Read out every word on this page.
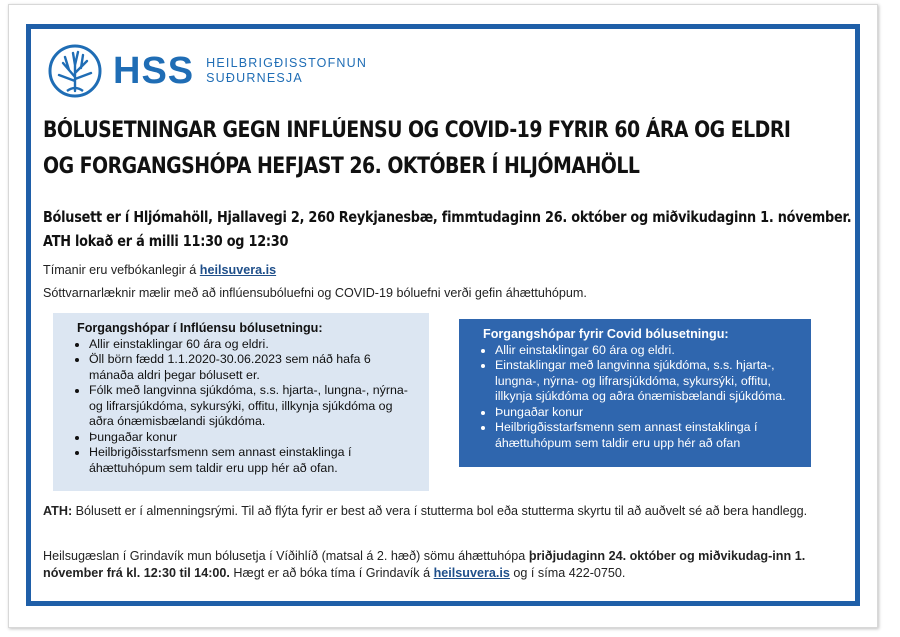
HSS HEILBRIGÐISSTOFNUN
SUÐURNESJA
BÓLUSETNINGAR GEGN INFLÚENSU OG COVID-19 FYRIR 60 ÁRA OG ELDRI
OG FORGANGSHÓPA HEFJAST 26. OKTÓBER Í HLJÓMAHÖLL
Bólusett er í Hljómahöll, Hjallavegi 2, 260 Reykjanesbæ, fimmtudaginn 26. október og miðvikudaginn 1. nóvember.
ATH lokað er á milli 11:30 og 12:30
Tímanir eru vefbókanlegir á heilsuvera.is
Sóttvarnarlæknir mælir með að inflúensubóluefni og COVID-19 bóluefni verði gefin áhættuhópum.
Forgangshópar í Inflúensu bólusetningu:
• Allir einstaklingar 60 ára og eldri.
• Öll börn fædd 1.1.2020-30.06.2023 sem náð hafa 6 mánaða aldri þegar bólusett er.
• Fólk með langvinna sjúkdóma, s.s. hjarta-, lungna-, nýrna- og lifrarsjúkdóma, sykursýki, offitu, illkynja sjúkdóma og aðra ónæmisbælandi sjúkdóma.
• Þungaðar konur
• Heilbrigðisstarfsmenn sem annast einstaklinga í áhættuhópum sem taldir eru upp hér að ofan.
Forgangshópar fyrir Covid bólusetningu:
• Allir einstaklingar 60 ára og eldri.
• Einstaklingar með langvinna sjúkdóma, s.s. hjarta-, lungna-, nýrna- og lifrarsjúkdóma, sykursýki, offitu, illkynja sjúkdóma og aðra ónæmisbælandi sjúkdóma.
• Þungaðar konur
• Heilbrigðisstarfsmenn sem annast einstaklinga í áhættuhópum sem taldir eru upp hér að ofan
ATH: Bólusett er í almenningsrými. Til að flýta fyrir er best að vera í stutterma bol eða stutterma skyrtu til að auðvelt sé að bera handlegg.
Heilsugæslan í Grindavík mun bólusetja í Víðihlíð (matsal á 2. hæð) sömu áhættuhópa þriðjudaginn 24. október og miðvikudag-inn 1. nóvember frá kl. 12:30 til 14:00. Hægt er að bóka tíma í Grindavík á heilsuvera.is og í síma 422-0750.
